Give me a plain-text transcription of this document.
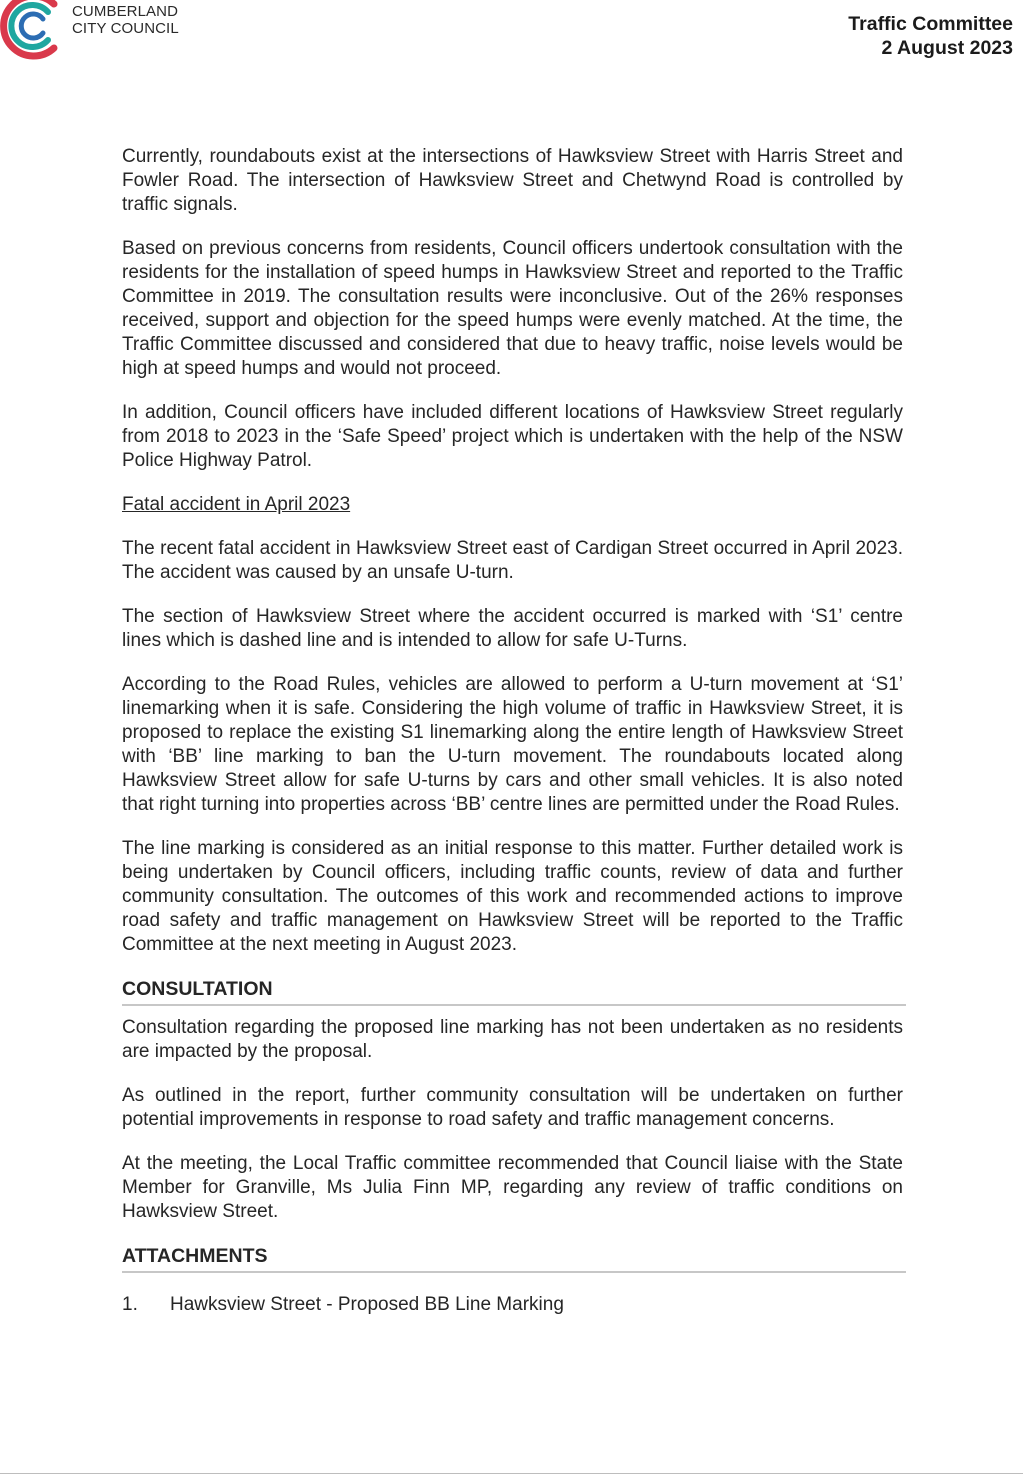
CUMBERLAND
CITY COUNCIL	Traffic Committee
2 August 2023

Currently, roundabouts exist at the intersections of Hawksview Street with Harris Street and Fowler Road. The intersection of Hawksview Street and Chetwynd Road is controlled by traffic signals.

Based on previous concerns from residents, Council officers undertook consultation with the residents for the installation of speed humps in Hawksview Street and reported to the Traffic Committee in 2019. The consultation results were inconclusive. Out of the 26% responses received, support and objection for the speed humps were evenly matched. At the time, the Traffic Committee discussed and considered that due to heavy traffic, noise levels would be high at speed humps and would not proceed.

In addition, Council officers have included different locations of Hawksview Street regularly from 2018 to 2023 in the ‘Safe Speed’ project which is undertaken with the help of the NSW Police Highway Patrol.

Fatal accident in April 2023

The recent fatal accident in Hawksview Street east of Cardigan Street occurred in April 2023. The accident was caused by an unsafe U-turn.

The section of Hawksview Street where the accident occurred is marked with ‘S1’ centre lines which is dashed line and is intended to allow for safe U-Turns.

According to the Road Rules, vehicles are allowed to perform a U-turn movement at ‘S1’ linemarking when it is safe. Considering the high volume of traffic in Hawksview Street, it is proposed to replace the existing S1 linemarking along the entire length of Hawksview Street with ‘BB’ line marking to ban the U-turn movement. The roundabouts located along Hawksview Street allow for safe U-turns by cars and other small vehicles. It is also noted that right turning into properties across ‘BB’ centre lines are permitted under the Road Rules.

The line marking is considered as an initial response to this matter. Further detailed work is being undertaken by Council officers, including traffic counts, review of data and further community consultation. The outcomes of this work and recommended actions to improve road safety and traffic management on Hawksview Street will be reported to the Traffic Committee at the next meeting in August 2023.

CONSULTATION

Consultation regarding the proposed line marking has not been undertaken as no residents are impacted by the proposal.

As outlined in the report, further community consultation will be undertaken on further potential improvements in response to road safety and traffic management concerns.

At the meeting, the Local Traffic committee recommended that Council liaise with the State Member for Granville, Ms Julia Finn MP, regarding any review of traffic conditions on Hawksview Street.

ATTACHMENTS
1.	Hawksview Street - Proposed BB Line Marking
